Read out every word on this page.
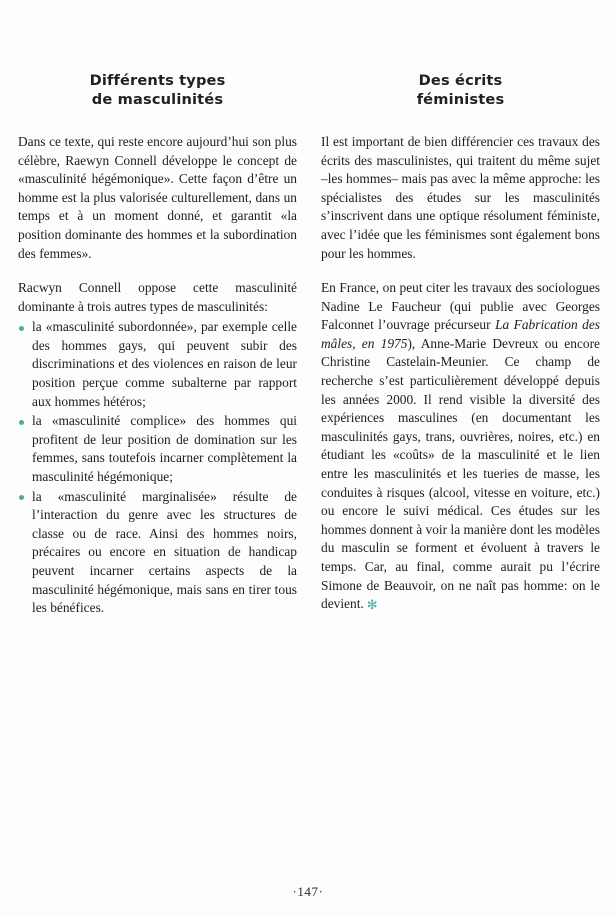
Différents types
de masculinités

Dans ce texte, qui reste encore aujourd’hui son plus célèbre, Raewyn Connell développe le concept de «masculinité hégémonique». Cette façon d’être un homme est la plus valorisée culturellement, dans un temps et à un moment donné, et garantit «la position dominante des hommes et la subordination des femmes».

Racwyn Connell oppose cette masculinité dominante à trois autres types de masculinités:

la «masculinité subordonnée», par exemple celle des hommes gays, qui peuvent subir des discriminations et des violences en raison de leur position perçue comme subalterne par rapport aux hommes hétéros;
la «masculinité complice» des hommes qui profitent de leur position de domination sur les femmes, sans toutefois incarner complètement la masculinité hégémonique;
la «masculinité marginalisée» résulte de l’interaction du genre avec les structures de classe ou de race. Ainsi des hommes noirs, précaires ou encore en situation de handicap peuvent incarner certains aspects de la masculinité hégémonique, mais sans en tirer tous les bénéfices.
Des écrits
féministes

Il est important de bien différencier ces travaux des écrits des masculinistes, qui traitent du même sujet –les hommes– mais pas avec la même approche: les spécialistes des études sur les masculinités s’inscrivent dans une optique résolument féministe, avec l’idée que les féminismes sont également bons pour les hommes.

En France, on peut citer les travaux des sociologues Nadine Le Faucheur (qui publie avec Georges Falconnet l’ouvrage précurseur La Fabrication des mâles, en 1975), Anne-Marie Devreux ou encore Christine Castelain-Meunier. Ce champ de recherche s’est particulièrement développé depuis les années 2000. Il rend visible la diversité des expériences masculines (en documentant les masculinités gays, trans, ouvrières, noires, etc.) en étudiant les «coûts» de la masculinité et le lien entre les masculinités et les tueries de masse, les conduites à risques (alcool, vitesse en voiture, etc.) ou encore le suivi médical. Ces études sur les hommes donnent à voir la manière dont les modèles du masculin se forment et évoluent à travers le temps. Car, au final, comme aurait pu l’écrire Simone de Beauvoir, on ne naît pas homme: on le devient. ✻

·147·
